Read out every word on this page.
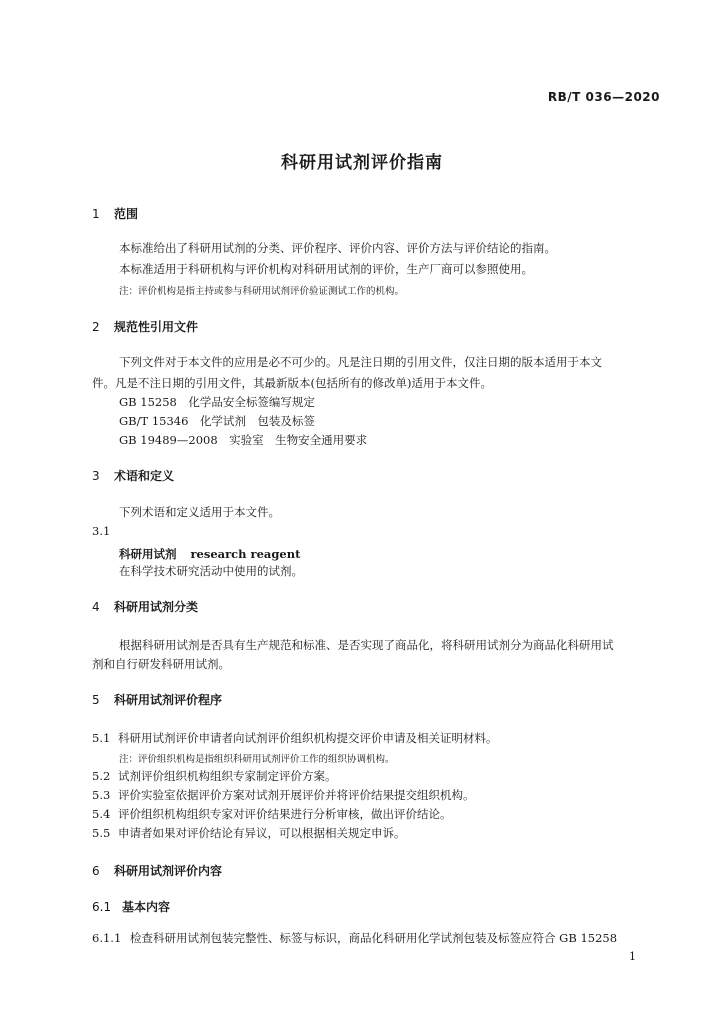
RB/T 036—2020
科研用试剂评价指南
1 范围
本标准给出了科研用试剂的分类、评价程序、评价内容、评价方法与评价结论的指南。
本标准适用于科研机构与评价机构对科研用试剂的评价，生产厂商可以参照使用。
注：评价机构是指主持或参与科研用试剂评价验证测试工作的机构。
2 规范性引用文件
下列文件对于本文件的应用是必不可少的。凡是注日期的引用文件，仅注日期的版本适用于本文
件。凡是不注日期的引用文件，其最新版本(包括所有的修改单)适用于本文件。
GB 15258　化学品安全标签编写规定
GB/T 15346　化学试剂　包装及标签
GB 19489—2008　实验室　生物安全通用要求
3 术语和定义
下列术语和定义适用于本文件。
3.1
科研用试剂 research reagent
在科学技术研究活动中使用的试剂。
4 科研用试剂分类
根据科研用试剂是否具有生产规范和标准、是否实现了商品化，将科研用试剂分为商品化科研用试
剂和自行研发科研用试剂。
5 科研用试剂评价程序
5.1 科研用试剂评价申请者向试剂评价组织机构提交评价申请及相关证明材料。
注：评价组织机构是指组织科研用试剂评价工作的组织协调机构。
5.2 试剂评价组织机构组织专家制定评价方案。
5.3 评价实验室依据评价方案对试剂开展评价并将评价结果提交组织机构。
5.4 评价组织机构组织专家对评价结果进行分析审核，做出评价结论。
5.5 申请者如果对评价结论有异议，可以根据相关规定申诉。
6 科研用试剂评价内容
6.1 基本内容
6.1.1 检查科研用试剂包装完整性、标签与标识，商品化科研用化学试剂包装及标签应符合 GB 15258
1
